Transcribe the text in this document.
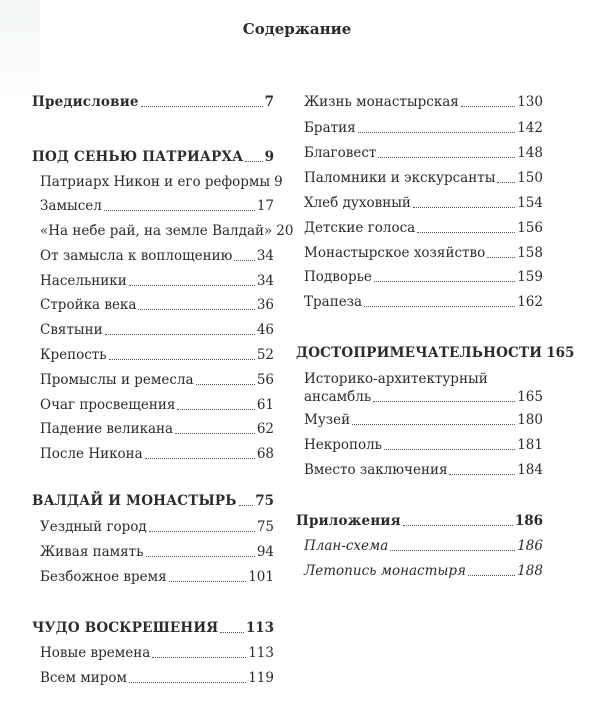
Содержание
Предисловие	7
ПОД СЕНЬЮ ПАТРИАРХА 9
Патриарх Никон и его реформы 9
Замысел	17
«На небе рай, на земле Валдай» 20
От замысла к воплощению 34
Насельники	34
Стройка века	36
Святыни	46
Крепость	52
Промыслы и ремесла	56
Очаг просвещения	61
Падение великана	62
После Никона	68
ВАЛДАЙ И МОНАСТЫРЬ 75
Уездный город	75
Живая память	94
Безбожное время	101
ЧУДО ВОСКРЕШЕНИЯ 113
Новые времена	113
Всем миром	119
Жизнь монастырская	130
Братия	142
Благовест	148
Паломники и экскурсанты 150
Хлеб духовный	154
Детские голоса	156
Монастырское хозяйство 158
Подворье	159
Трапеза	162
ДОСТОПРИМЕЧАТЕЛЬНОСТИ 165
Историко-архитектурный
ансамбль	165
Музей	180
Некрополь	181
Вместо заключения	184
Приложения	186
План-схема	186
Летопись монастыря	188
